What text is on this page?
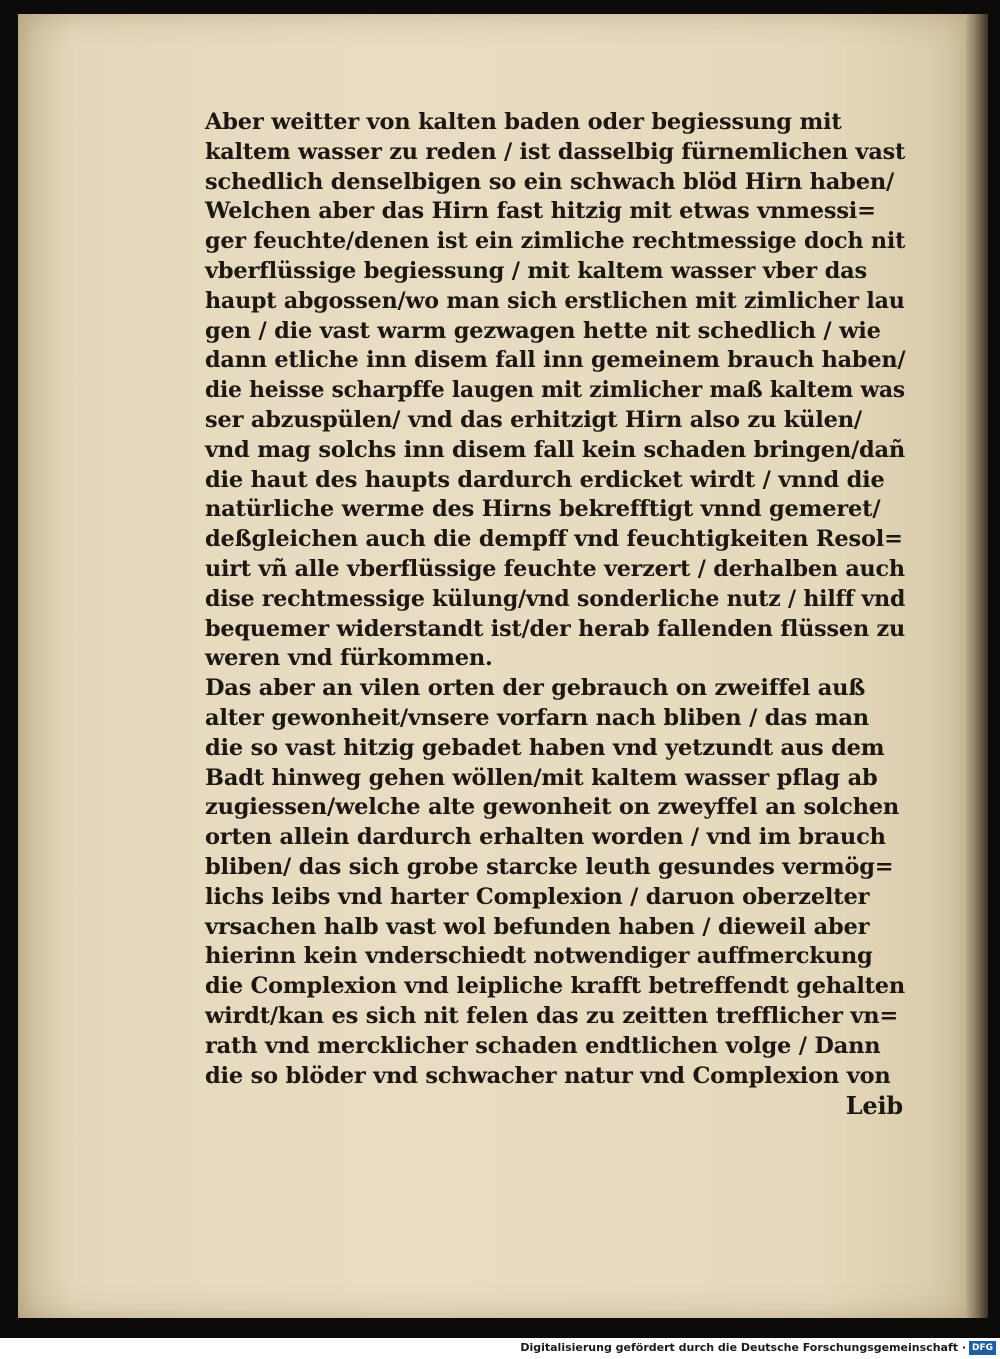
Aber weitter von kalten baden oder begiessung mit
kaltem wasser zu reden / ist dasselbig fürnemlichen vast
schedlich denselbigen so ein schwach blöd Hirn haben/
Welchen aber das Hirn fast hitzig mit etwas vnmessi=
ger feuchte/denen ist ein zimliche rechtmessige doch nit
vberflüssige begiessung / mit kaltem wasser vber das
haupt abgossen/wo man sich erstlichen mit zimlicher lau
gen / die vast warm gezwagen hette nit schedlich / wie
dann etliche inn disem fall inn gemeinem brauch haben/
die heisse scharpffe laugen mit zimlicher maß kaltem was
ser abzuspülen/ vnd das erhitzigt Hirn also zu külen/
vnd mag solchs inn disem fall kein schaden bringen/dañ
die haut des haupts dardurch erdicket wirdt / vnnd die
natürliche werme des Hirns bekrefftigt vnnd gemeret/
deßgleichen auch die dempff vnd feuchtigkeiten Resol=
uirt vñ alle vberflüssige feuchte verzert / derhalben auch
dise rechtmessige külung/vnd sonderliche nutz / hilff vnd
bequemer widerstandt ist/der herab fallenden flüssen zu
weren vnd fürkommen.
Das aber an vilen orten der gebrauch on zweiffel auß
alter gewonheit/vnsere vorfarn nach bliben / das man
die so vast hitzig gebadet haben vnd yetzundt aus dem
Badt hinweg gehen wöllen/mit kaltem wasser pflag ab
zugiessen/welche alte gewonheit on zweyffel an solchen
orten allein dardurch erhalten worden / vnd im brauch
bliben/ das sich grobe starcke leuth gesundes vermög=
lichs leibs vnd harter Complexion / daruon oberzelter
vrsachen halb vast wol befunden haben / dieweil aber
hierinn kein vnderschiedt notwendiger auffmerckung
die Complexion vnd leipliche krafft betreffendt gehalten
wirdt/kan es sich nit felen das zu zeitten trefflicher vn=
rath vnd mercklicher schaden endtlichen volge / Dann
die so blöder vnd schwacher natur vnd Complexion von
Leib
Digitalisierung gefördert durch die Deutsche Forschungsgemeinschaft · DFG
